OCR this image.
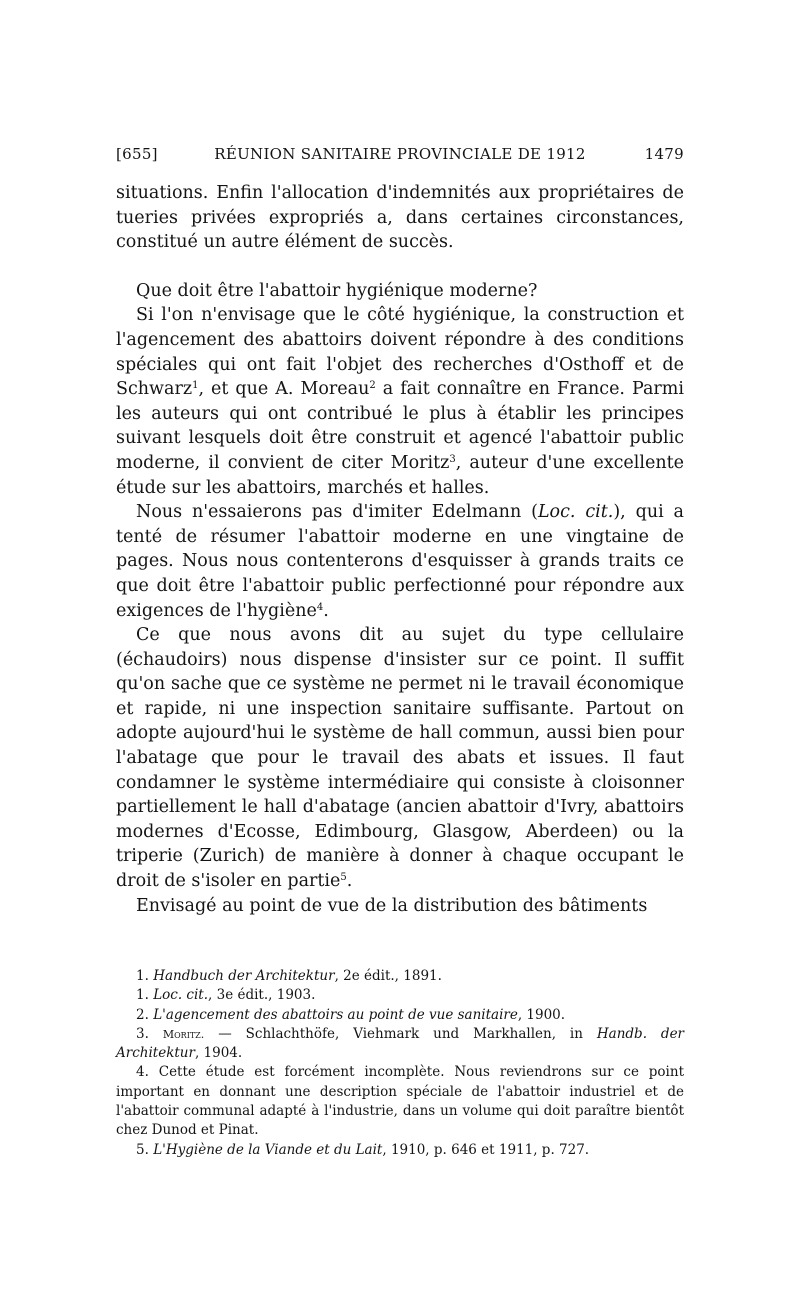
[655]	RÉUNION SANITAIRE PROVINCIALE DE 1912	1479

situations. Enfin l'allocation d'indemnités aux propriétaires de tueries privées expropriés a, dans certaines circonstances, constitué un autre élément de succès.

Que doit être l'abattoir hygiénique moderne?

Si l'on n'envisage que le côté hygiénique, la construction et l'agencement des abattoirs doivent répondre à des conditions spéciales qui ont fait l'objet des recherches d'Osthoff et de Schwarz$^1$, et que A. Moreau$^2$ a fait connaître en France. Parmi les auteurs qui ont contribué le plus à établir les principes suivant lesquels doit être construit et agencé l'abattoir public moderne, il convient de citer Moritz$^3$, auteur d'une excellente étude sur les abattoirs, marchés et halles.

Nous n'essaierons pas d'imiter Edelmann (Loc. cit.), qui a tenté de résumer l'abattoir moderne en une vingtaine de pages. Nous nous contenterons d'esquisser à grands traits ce que doit être l'abattoir public perfectionné pour répondre aux exigences de l'hygiène$^4$.

Ce que nous avons dit au sujet du type cellulaire (échaudoirs) nous dispense d'insister sur ce point. Il suffit qu'on sache que ce système ne permet ni le travail économique et rapide, ni une inspection sanitaire suffisante. Partout on adopte aujourd'hui le système de hall commun, aussi bien pour l'abatage que pour le travail des abats et issues. Il faut condamner le système intermédiaire qui consiste à cloisonner partiellement le hall d'abatage (ancien abattoir d'Ivry, abattoirs modernes d'Ecosse, Edimbourg, Glasgow, Aberdeen) ou la triperie (Zurich) de manière à donner à chaque occupant le droit de s'isoler en partie$^5$.

Envisagé au point de vue de la distribution des bâtiments

1. Handbuch der Architektur, 2e édit., 1891.

1. Loc. cit., 3e édit., 1903.

2. L'agencement des abattoirs au point de vue sanitaire, 1900.

3. Moritz. — Schlachthöfe, Viehmark und Markhallen, in Handb. der Architektur, 1904.

4. Cette étude est forcément incomplète. Nous reviendrons sur ce point important en donnant une description spéciale de l'abattoir industriel et de l'abattoir communal adapté à l'industrie, dans un volume qui doit paraître bientôt chez Dunod et Pinat.

5. L'Hygiène de la Viande et du Lait, 1910, p. 646 et 1911, p. 727.
